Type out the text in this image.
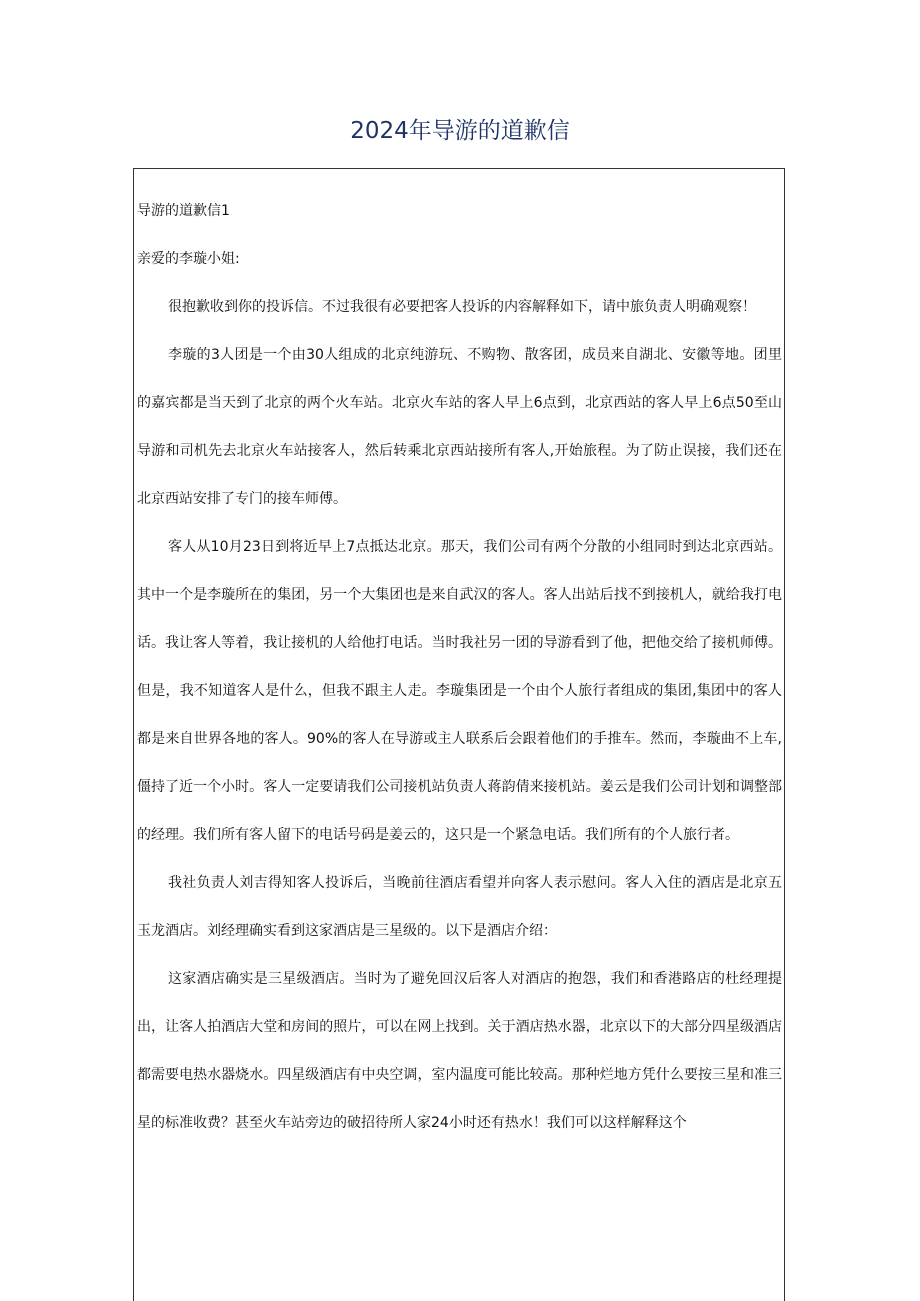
2024年导游的道歉信

导游的道歉信1

亲爱的李璇小姐:

很抱歉收到你的投诉信。不过我很有必要把客人投诉的内容解释如下，请中旅负责人明确观察！

李璇的3人团是一个由30人组成的北京纯游玩、不购物、散客团，成员来自湖北、安徽等地。团里的嘉宾都是当天到了北京的两个火车站。北京火车站的客人早上6点到，北京西站的客人早上6点50至山导游和司机先去北京火车站接客人，然后转乘北京西站接所有客人,开始旅程。为了防止误接，我们还在北京西站安排了专门的接车师傅。

客人从10月23日到将近早上7点抵达北京。那天，我们公司有两个分散的小组同时到达北京西站。其中一个是李璇所在的集团，另一个大集团也是来自武汉的客人。客人出站后找不到接机人，就给我打电话。我让客人等着，我让接机的人给他打电话。当时我社另一团的导游看到了他，把他交给了接机师傅。但是，我不知道客人是什么，但我不跟主人走。李璇集团是一个由个人旅行者组成的集团,集团中的客人都是来自世界各地的客人。90%的客人在导游或主人联系后会跟着他们的手推车。然而，李璇曲不上车,僵持了近一个小时。客人一定要请我们公司接机站负责人蒋韵倩来接机站。姜云是我们公司计划和调整部的经理。我们所有客人留下的电话号码是姜云的，这只是一个紧急电话。我们所有的个人旅行者。

我社负责人刘吉得知客人投诉后，当晚前往酒店看望并向客人表示慰问。客人入住的酒店是北京五玉龙酒店。刘经理确实看到这家酒店是三星级的。以下是酒店介绍：

这家酒店确实是三星级酒店。当时为了避免回汉后客人对酒店的抱怨，我们和香港路店的杜经理提出，让客人拍酒店大堂和房间的照片，可以在网上找到。关于酒店热水器，北京以下的大部分四星级酒店都需要电热水器烧水。四星级酒店有中央空调，室内温度可能比较高。那种烂地方凭什么要按三星和准三星的标准收费？甚至火车站旁边的破招待所人家24小时还有热水！我们可以这样解释这个
